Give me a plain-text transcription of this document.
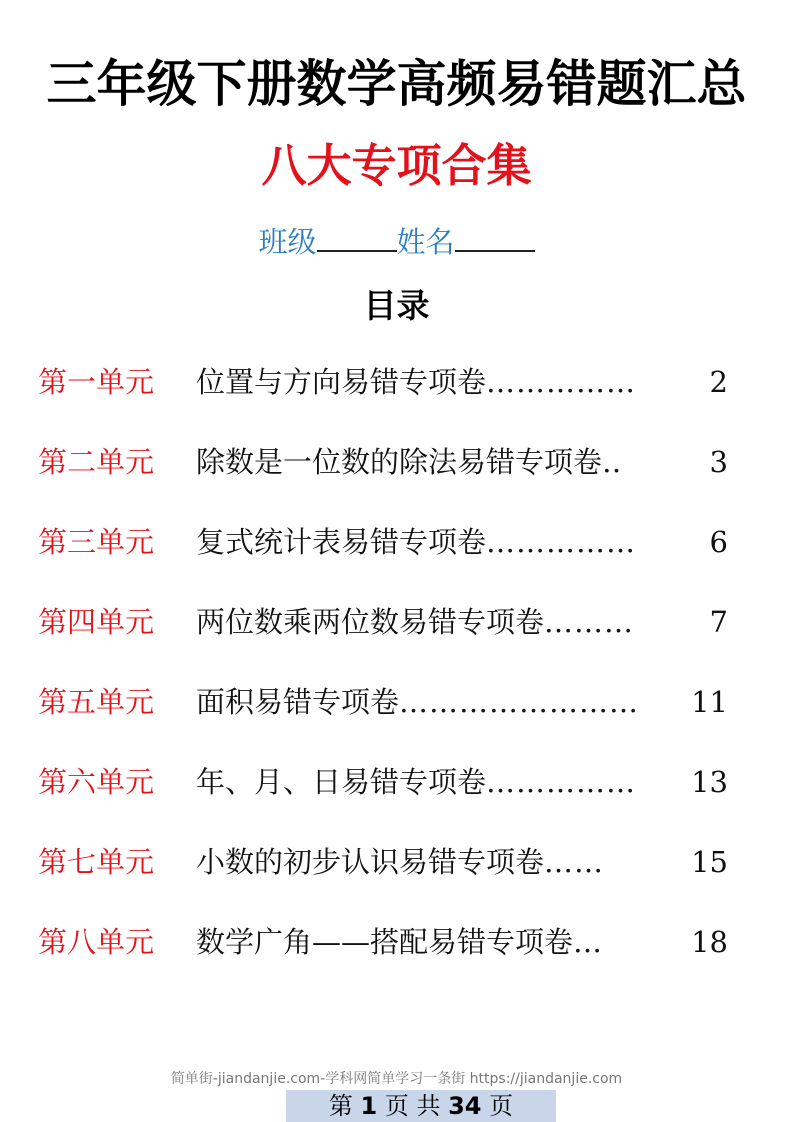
三年级下册数学高频易错题汇总
八大专项合集
班级	姓名
目录
第一单元	位置与方向易错专项卷 ……………	2
第二单元	除数是一位数的除法易错专项卷 ‥	3
第三单元	复式统计表易错专项卷 ……………	6
第四单元	两位数乘两位数易错专项卷 ………	7
第五单元	面积易错专项卷 ……………………	11
第六单元	年、月、日易错专项卷 ……………	13
第七单元	小数的初步认识易错专项卷 ……	15
第八单元	数学广角——搭配易错专项卷 …	18
简单街-jiandanjie.com-学科网简单学习一条街 https://jiandanjie.com
第 1 页 共 34 页
